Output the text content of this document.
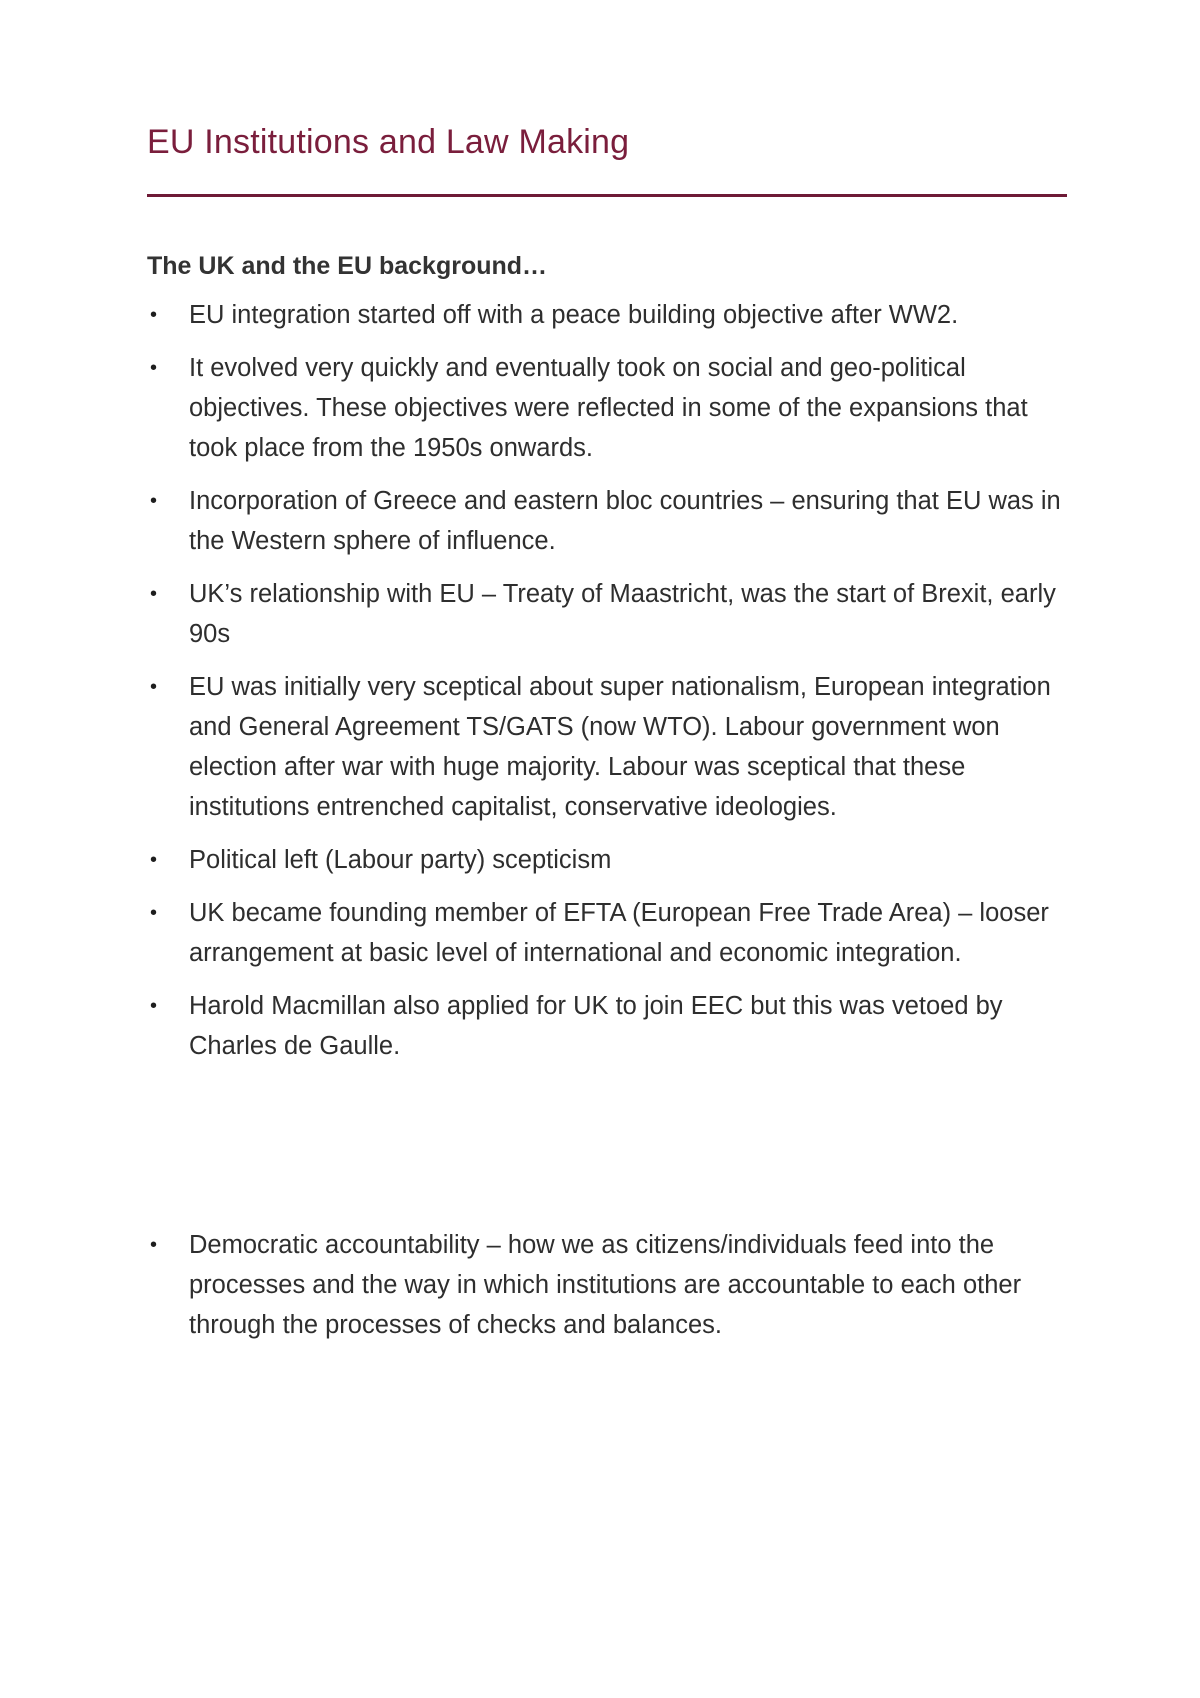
EU Institutions and Law Making
The UK and the EU background…
• EU integration started off with a peace building objective after WW2.
• It evolved very quickly and eventually took on social and geo-political objectives. These objectives were reflected in some of the expansions that took place from the 1950s onwards.
• Incorporation of Greece and eastern bloc countries – ensuring that EU was in the Western sphere of influence.
• UK’s relationship with EU – Treaty of Maastricht, was the start of Brexit, early 90s
• EU was initially very sceptical about super nationalism, European integration and General Agreement TS/GATS (now WTO). Labour government won election after war with huge majority. Labour was sceptical that these institutions entrenched capitalist, conservative ideologies.
• Political left (Labour party) scepticism
• UK became founding member of EFTA (European Free Trade Area) – looser arrangement at basic level of international and economic integration.
• Harold Macmillan also applied for UK to join EEC but this was vetoed by Charles de Gaulle.
• Democratic accountability – how we as citizens/individuals feed into the processes and the way in which institutions are accountable to each other through the processes of checks and balances.
